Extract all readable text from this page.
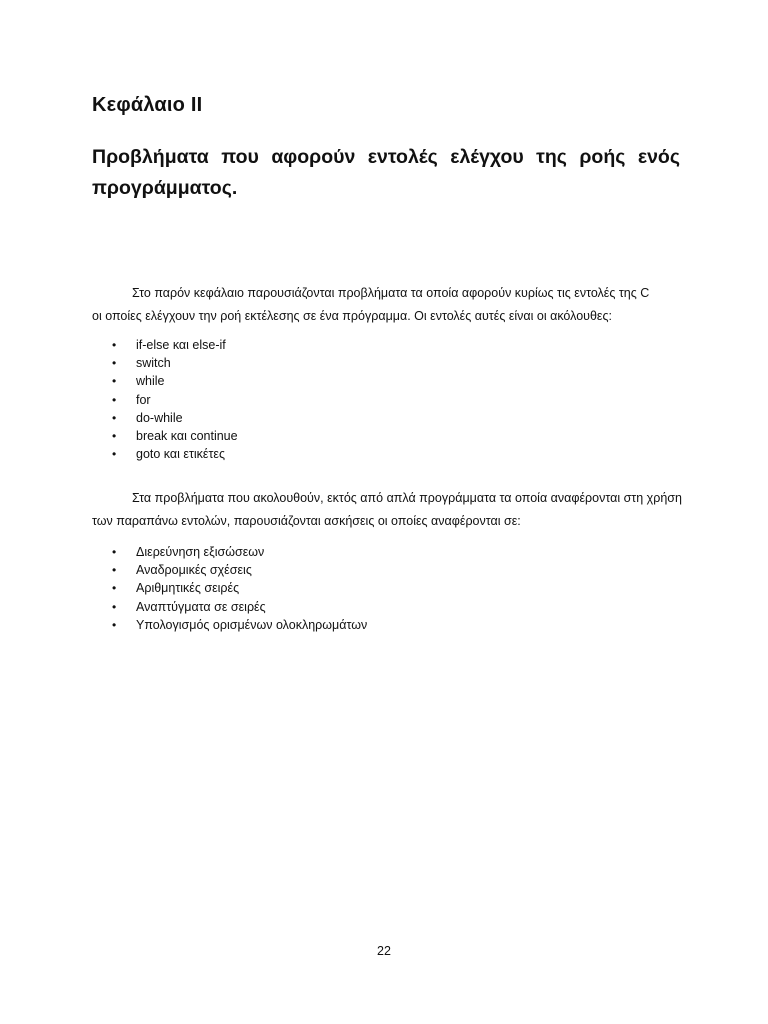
Κεφάλαιο ΙΙ
Προβλήματα που αφορούν εντολές ελέγχου της ροής ενός προγράμματος.
Στο παρόν κεφάλαιο παρουσιάζονται προβλήματα τα οποία αφορούν κυρίως τις εντολές της C
οι οποίες ελέγχουν την ροή εκτέλεσης σε ένα πρόγραμμα. Οι εντολές αυτές είναι οι ακόλουθες:
• if-else και else-if
• switch
• while
• for
• do-while
• break και continue
• goto και ετικέτες
Στα προβλήματα που ακολουθούν, εκτός από απλά προγράμματα τα οποία αναφέρονται στη χρήση
των παραπάνω εντολών, παρουσιάζονται ασκήσεις οι οποίες αναφέρονται σε:
• Διερεύνηση εξισώσεων
• Αναδρομικές σχέσεις
• Αριθμητικές σειρές
• Αναπτύγματα σε σειρές
• Υπολογισμός ορισμένων ολοκληρωμάτων
22
